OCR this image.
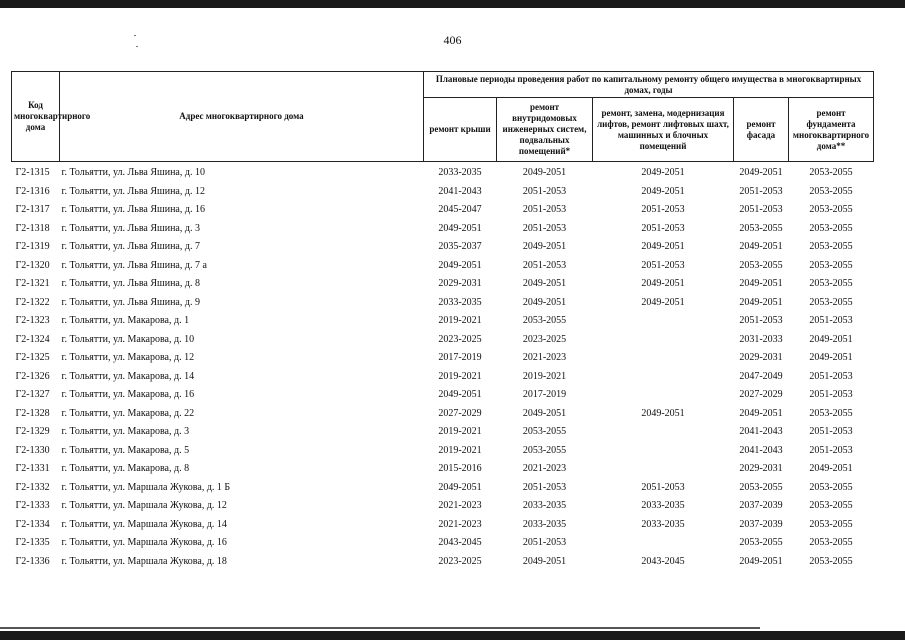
406
Код многоквартирного дома	Адрес многоквартирного дома	Плановые периоды проведения работ по капитальному ремонту общего имущества в многоквартирных домах, годы				
		ремонт крыши	ремонт внутридомовых инженерных систем, подвальных помещений*	ремонт, замена, модернизация лифтов, ремонт лифтовых шахт, машинных и блочных помещений	ремонт фасада	ремонт фундамента многоквартирного дома**
Г2-1315	г. Тольятти, ул. Льва Яшина, д. 10	2033-2035	2049-2051	2049-2051	2049-2051	2053-2055
Г2-1316	г. Тольятти, ул. Льва Яшина, д. 12	2041-2043	2051-2053	2049-2051	2051-2053	2053-2055
Г2-1317	г. Тольятти, ул. Льва Яшина, д. 16	2045-2047	2051-2053	2051-2053	2051-2053	2053-2055
Г2-1318	г. Тольятти, ул. Льва Яшина, д. 3	2049-2051	2051-2053	2051-2053	2053-2055	2053-2055
Г2-1319	г. Тольятти, ул. Льва Яшина, д. 7	2035-2037	2049-2051	2049-2051	2049-2051	2053-2055
Г2-1320	г. Тольятти, ул. Льва Яшина, д. 7 а	2049-2051	2051-2053	2051-2053	2053-2055	2053-2055
Г2-1321	г. Тольятти, ул. Льва Яшина, д. 8	2029-2031	2049-2051	2049-2051	2049-2051	2053-2055
Г2-1322	г. Тольятти, ул. Льва Яшина, д. 9	2033-2035	2049-2051	2049-2051	2049-2051	2053-2055
Г2-1323	г. Тольятти, ул. Макарова, д. 1	2019-2021	2053-2055		2051-2053	2051-2053
Г2-1324	г. Тольятти, ул. Макарова, д. 10	2023-2025	2023-2025		2031-2033	2049-2051
Г2-1325	г. Тольятти, ул. Макарова, д. 12	2017-2019	2021-2023		2029-2031	2049-2051
Г2-1326	г. Тольятти, ул. Макарова, д. 14	2019-2021	2019-2021		2047-2049	2051-2053
Г2-1327	г. Тольятти, ул. Макарова, д. 16	2049-2051	2017-2019		2027-2029	2051-2053
Г2-1328	г. Тольятти, ул. Макарова, д. 22	2027-2029	2049-2051	2049-2051	2049-2051	2053-2055
Г2-1329	г. Тольятти, ул. Макарова, д. 3	2019-2021	2053-2055		2041-2043	2051-2053
Г2-1330	г. Тольятти, ул. Макарова, д. 5	2019-2021	2053-2055		2041-2043	2051-2053
Г2-1331	г. Тольятти, ул. Макарова, д. 8	2015-2016	2021-2023		2029-2031	2049-2051
Г2-1332	г. Тольятти, ул. Маршала Жукова, д. 1 Б	2049-2051	2051-2053	2051-2053	2053-2055	2053-2055
Г2-1333	г. Тольятти, ул. Маршала Жукова, д. 12	2021-2023	2033-2035	2033-2035	2037-2039	2053-2055
Г2-1334	г. Тольятти, ул. Маршала Жукова, д. 14	2021-2023	2033-2035	2033-2035	2037-2039	2053-2055
Г2-1335	г. Тольятти, ул. Маршала Жукова, д. 16	2043-2045	2051-2053		2053-2055	2053-2055
Г2-1336	г. Тольятти, ул. Маршала Жукова, д. 18	2023-2025	2049-2051	2043-2045	2049-2051	2053-2055
